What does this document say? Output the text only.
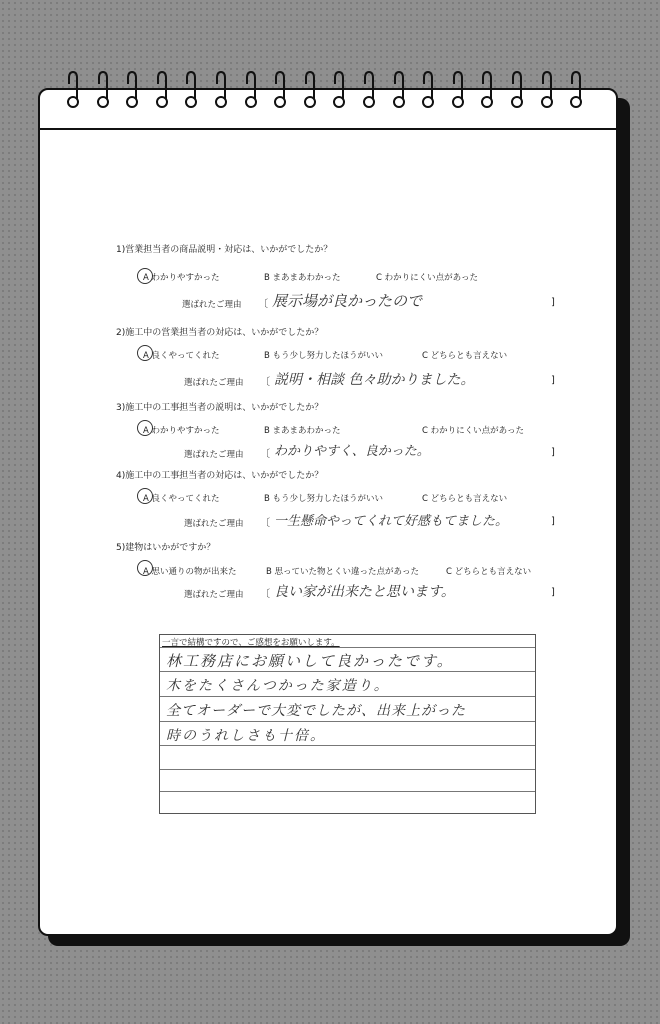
1)営業担当者の商品説明・対応は、いかがでしたか？
A わかりやすかった	B まあまあわかった	C わかりにくい点があった
選ばれたご理由 〔 展示場が良かったので	]
2)施工中の営業担当者の対応は、いかがでしたか？
A 良くやってくれた	B もう少し努力したほうがいい	C どちらとも言えない
選ばれたご理由 〔 説明・相談 色々助かりました。	]
3)施工中の工事担当者の説明は、いかがでしたか？
A わかりやすかった	B まあまあわかった	C わかりにくい点があった
選ばれたご理由 〔 わかりやすく、良かった。	]
4)施工中の工事担当者の対応は、いかがでしたか？
A 良くやってくれた	B もう少し努力したほうがいい	C どちらとも言えない
選ばれたご理由 〔 一生懸命やってくれて好感もてました。	]
5)建物はいかがですか？
A 思い通りの物が出来た	B 思っていた物とくい違った点があった	C どちらとも言えない
選ばれたご理由 〔 良い家が出来たと思います。	]
一言で結構ですので、ご感想をお願いします。
林工務店にお願いして良かったです。
木をたくさんつかった家造り。
全てオーダーで大変でしたが、出来上がった
時のうれしさも十倍。
